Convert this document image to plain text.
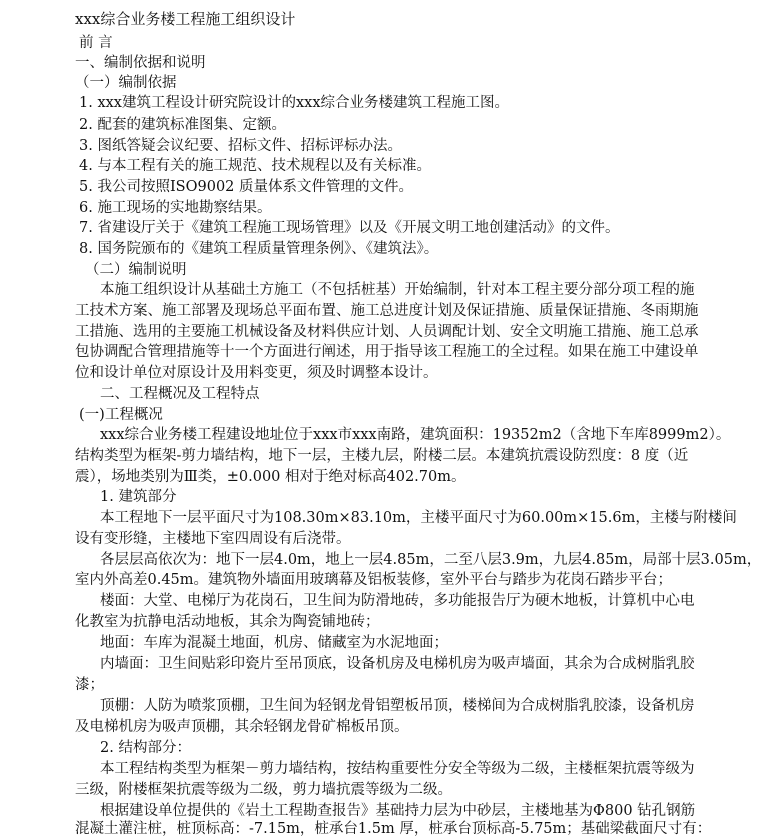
xxx综合业务楼工程施工组织设计
前 言
一、编制依据和说明
（一）编制依据
1. xxx建筑工程设计研究院设计的xxx综合业务楼建筑工程施工图。
2. 配套的建筑标准图集、定额。
3. 图纸答疑会议纪要、招标文件、招标评标办法。
4. 与本工程有关的施工规范、技术规程以及有关标准。
5. 我公司按照ISO9002 质量体系文件管理的文件。
6. 施工现场的实地勘察结果。
7. 省建设厅关于《建筑工程施工现场管理》以及《开展文明工地创建活动》的文件。
8. 国务院颁布的《建筑工程质量管理条例》、《建筑法》。
（二）编制说明
本施工组织设计从基础土方施工（不包括桩基）开始编制，针对本工程主要分部分项工程的施
工技术方案、施工部署及现场总平面布置、施工总进度计划及保证措施、质量保证措施、冬雨期施
工措施、选用的主要施工机械设备及材料供应计划、人员调配计划、安全文明施工措施、施工总承
包协调配合管理措施等十一个方面进行阐述，用于指导该工程施工的全过程。如果在施工中建设单
位和设计单位对原设计及用料变更，须及时调整本设计。
二、工程概况及工程特点
(一)工程概况
xxx综合业务楼工程建设地址位于xxx市xxx南路，建筑面积：19352m2（含地下车库8999m2）。
结构类型为框架-剪力墙结构，地下一层，主楼九层，附楼二层。本建筑抗震设防烈度：8 度（近
震），场地类别为Ⅲ类，±0.000 相对于绝对标高402.70m。
1. 建筑部分
本工程地下一层平面尺寸为108.30m×83.10m，主楼平面尺寸为60.00m×15.6m，主楼与附楼间
设有变形缝，主楼地下室四周设有后浇带。
各层层高依次为：地下一层4.0m，地上一层4.85m，二至八层3.9m，九层4.85m，局部十层3.05m，
室内外高差0.45m。建筑物外墙面用玻璃幕及铝板装修，室外平台与踏步为花岗石踏步平台；
楼面：大堂、电梯厅为花岗石，卫生间为防滑地砖，多功能报告厅为硬木地板，计算机中心电
化教室为抗静电活动地板，其余为陶瓷铺地砖；
地面：车库为混凝土地面，机房、储藏室为水泥地面；
内墙面：卫生间贴彩印瓷片至吊顶底，设备机房及电梯机房为吸声墙面，其余为合成树脂乳胶
漆；
顶棚：人防为喷浆顶棚，卫生间为轻钢龙骨铝塑板吊顶，楼梯间为合成树脂乳胶漆，设备机房
及电梯机房为吸声顶棚，其余轻钢龙骨矿棉板吊顶。
2. 结构部分：
本工程结构类型为框架－剪力墙结构，按结构重要性分安全等级为二级，主楼框架抗震等级为
三级，附楼框架抗震等级为二级，剪力墙抗震等级为二级。
根据建设单位提供的《岩土工程勘查报告》基础持力层为中砂层，主楼地基为Φ800 钻孔钢筋
混凝土灌注桩，桩顶标高：-7.15m，桩承台1.5m 厚，桩承台顶标高-5.75m；基础梁截面尺寸有：
